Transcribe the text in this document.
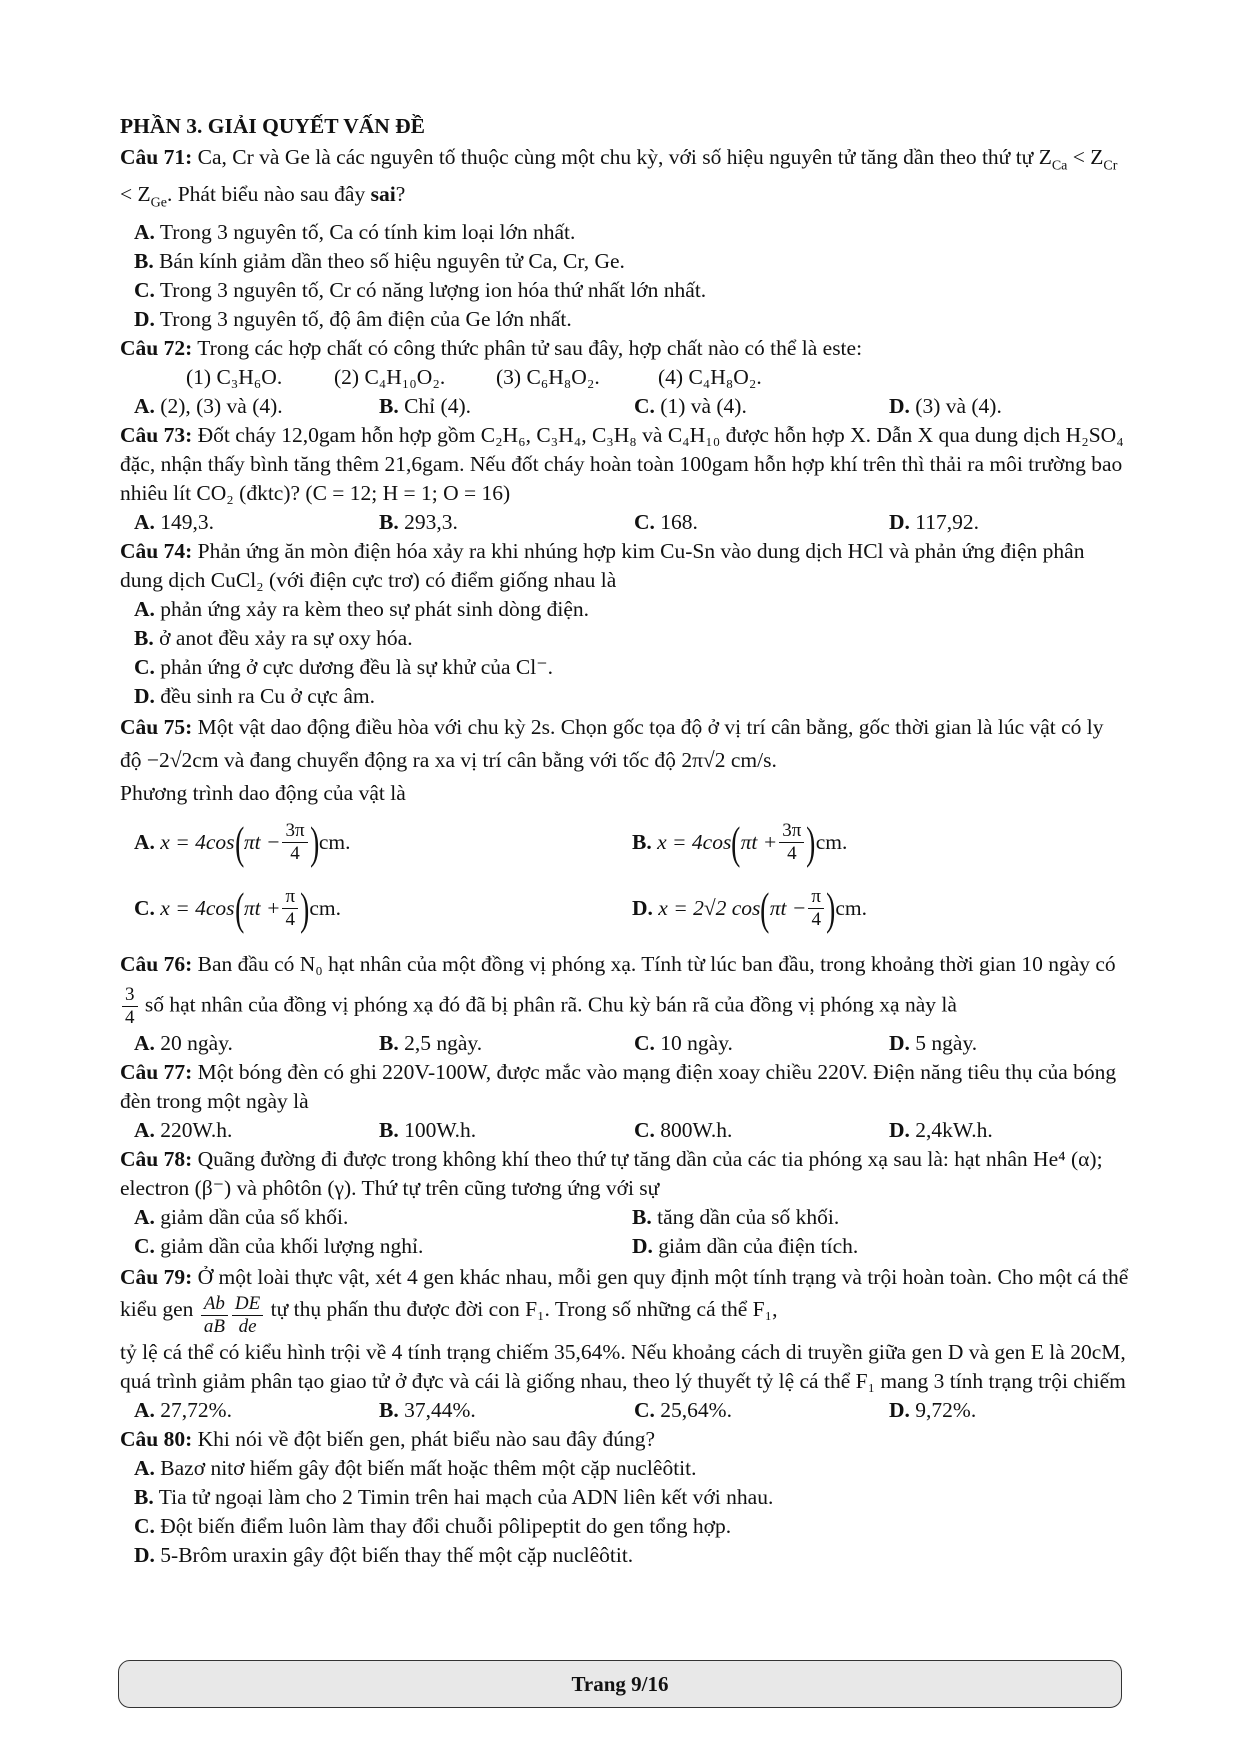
PHẦN 3. GIẢI QUYẾT VẤN ĐỀ
Câu 71: Ca, Cr và Ge là các nguyên tố thuộc cùng một chu kỳ, với số hiệu nguyên tử tăng dần theo thứ tự $Z_{Ca} < Z_{Cr} < Z_{Ge}$. Phát biểu nào sau đây sai?
A. Trong 3 nguyên tố, Ca có tính kim loại lớn nhất.
B. Bán kính giảm dần theo số hiệu nguyên tử Ca, Cr, Ge.
C. Trong 3 nguyên tố, Cr có năng lượng ion hóa thứ nhất lớn nhất.
D. Trong 3 nguyên tố, độ âm điện của Ge lớn nhất.
Câu 72: Trong các hợp chất có công thức phân tử sau đây, hợp chất nào có thể là este:
(1) C₃H₆O.	(2) C₄H₁₀O₂.	(3) C₆H₈O₂.	(4) C₄H₈O₂.
A. (2), (3) và (4).	B. Chỉ (4).	C. (1) và (4).	D. (3) và (4).
Câu 73: Đốt cháy 12,0gam hỗn hợp gồm C₂H₆, C₃H₄, C₃H₈ và C₄H₁₀ được hỗn hợp X. Dẫn X qua dung dịch H₂SO₄ đặc, nhận thấy bình tăng thêm 21,6gam. Nếu đốt cháy hoàn toàn 100gam hỗn hợp khí trên thì thải ra môi trường bao nhiêu lít CO₂ (đktc)? (C = 12; H = 1; O = 16)
A. 149,3.	B. 293,3.	C. 168.	D. 117,92.
Câu 74: Phản ứng ăn mòn điện hóa xảy ra khi nhúng hợp kim Cu-Sn vào dung dịch HCl và phản ứng điện phân dung dịch CuCl₂ (với điện cực trơ) có điểm giống nhau là
A. phản ứng xảy ra kèm theo sự phát sinh dòng điện.
B. ở anot đều xảy ra sự oxy hóa.
C. phản ứng ở cực dương đều là sự khử của Cl⁻.
D. đều sinh ra Cu ở cực âm.
Câu 75: Một vật dao động điều hòa với chu kỳ 2s. Chọn gốc tọa độ ở vị trí cân bằng, gốc thời gian là lúc vật có ly độ −2√2cm và đang chuyển động ra xa vị trí cân bằng với tốc độ 2π√2 cm/s.
Phương trình dao động của vật là
A.
x = 4cos ( $\pi t - \frac{3\pi}{4}$ ) cm.	B.
x = 4cos ( $\pi t + \frac{3\pi}{4}$ ) cm.
C.
x = 4cos ( $\pi t + \frac{\pi}{4}$ ) cm.	D.
x = 2√2 cos ( $\pi t - \frac{\pi}{4}$ ) cm.
Câu 76: Ban đầu có N₀ hạt nhân của một đồng vị phóng xạ. Tính từ lúc ban đầu, trong khoảng thời gian 10 ngày có
$\frac{3}{4}$ số hạt nhân của đồng vị phóng xạ đó đã bị phân rã. Chu kỳ bán rã của đồng vị phóng xạ này là
A. 20 ngày.	B. 2,5 ngày.	C. 10 ngày.	D. 5 ngày.
Câu 77: Một bóng đèn có ghi 220V-100W, được mắc vào mạng điện xoay chiều 220V. Điện năng tiêu thụ của bóng đèn trong một ngày là
A. 220W.h.	B. 100W.h.	C. 800W.h.	D. 2,4kW.h.
Câu 78: Quãng đường đi được trong không khí theo thứ tự tăng dần của các tia phóng xạ sau là: hạt nhân He⁴ (α); electron (β⁻) và phôtôn (γ). Thứ tự trên cũng tương ứng với sự
A. giảm dần của số khối.	B. tăng dần của số khối.
C. giảm dần của khối lượng nghỉ.	D. giảm dần của điện tích.
Câu 79: Ở một loài thực vật, xét 4 gen khác nhau, mỗi gen quy định một tính trạng và trội hoàn toàn. Cho một cá thể kiểu gen $\frac{Ab}{aB} \frac{DE}{de}$ tự thụ phấn thu được đời con F₁. Trong số những cá thể F₁,
tỷ lệ cá thể có kiểu hình trội về 4 tính trạng chiếm 35,64%. Nếu khoảng cách di truyền giữa gen D và gen E là 20cM, quá trình giảm phân tạo giao tử ở đực và cái là giống nhau, theo lý thuyết tỷ lệ cá thể F₁ mang 3 tính trạng trội chiếm
A. 27,72%.	B. 37,44%.	C. 25,64%.	D. 9,72%.
Câu 80: Khi nói về đột biến gen, phát biểu nào sau đây đúng?
A. Bazơ nitơ hiếm gây đột biến mất hoặc thêm một cặp nuclêôtit.
B. Tia tử ngoại làm cho 2 Timin trên hai mạch của ADN liên kết với nhau.
C. Đột biến điểm luôn làm thay đổi chuỗi pôlipeptit do gen tổng hợp.
D. 5-Brôm uraxin gây đột biến thay thế một cặp nuclêôtit.
Trang 9/16
